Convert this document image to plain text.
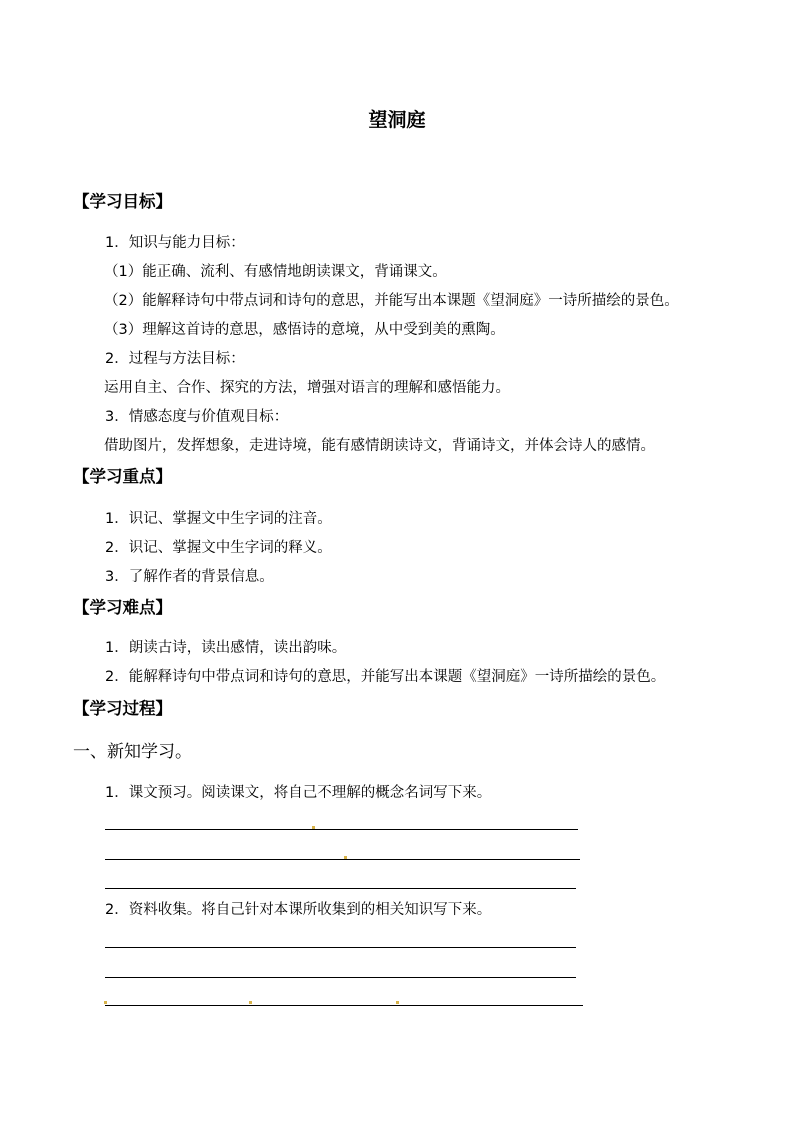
望洞庭
【学习目标】
1．知识与能力目标：
（1）能正确、流利、有感情地朗读课文，背诵课文。
（2）能解释诗句中带点词和诗句的意思，并能写出本课题《望洞庭》一诗所描绘的景色。
（3）理解这首诗的意思，感悟诗的意境，从中受到美的熏陶。
2．过程与方法目标：
运用自主、合作、探究的方法，增强对语言的理解和感悟能力。
3．情感态度与价值观目标：
借助图片，发挥想象，走进诗境，能有感情朗读诗文，背诵诗文，并体会诗人的感情。
【学习重点】
1．识记、掌握文中生字词的注音。
2．识记、掌握文中生字词的释义。
3．了解作者的背景信息。
【学习难点】
1．朗读古诗，读出感情，读出韵味。
2．能解释诗句中带点词和诗句的意思，并能写出本课题《望洞庭》一诗所描绘的景色。
【学习过程】
一、新知学习。
1．课文预习。阅读课文，将自己不理解的概念名词写下来。
2．资料收集。将自己针对本课所收集到的相关知识写下来。
